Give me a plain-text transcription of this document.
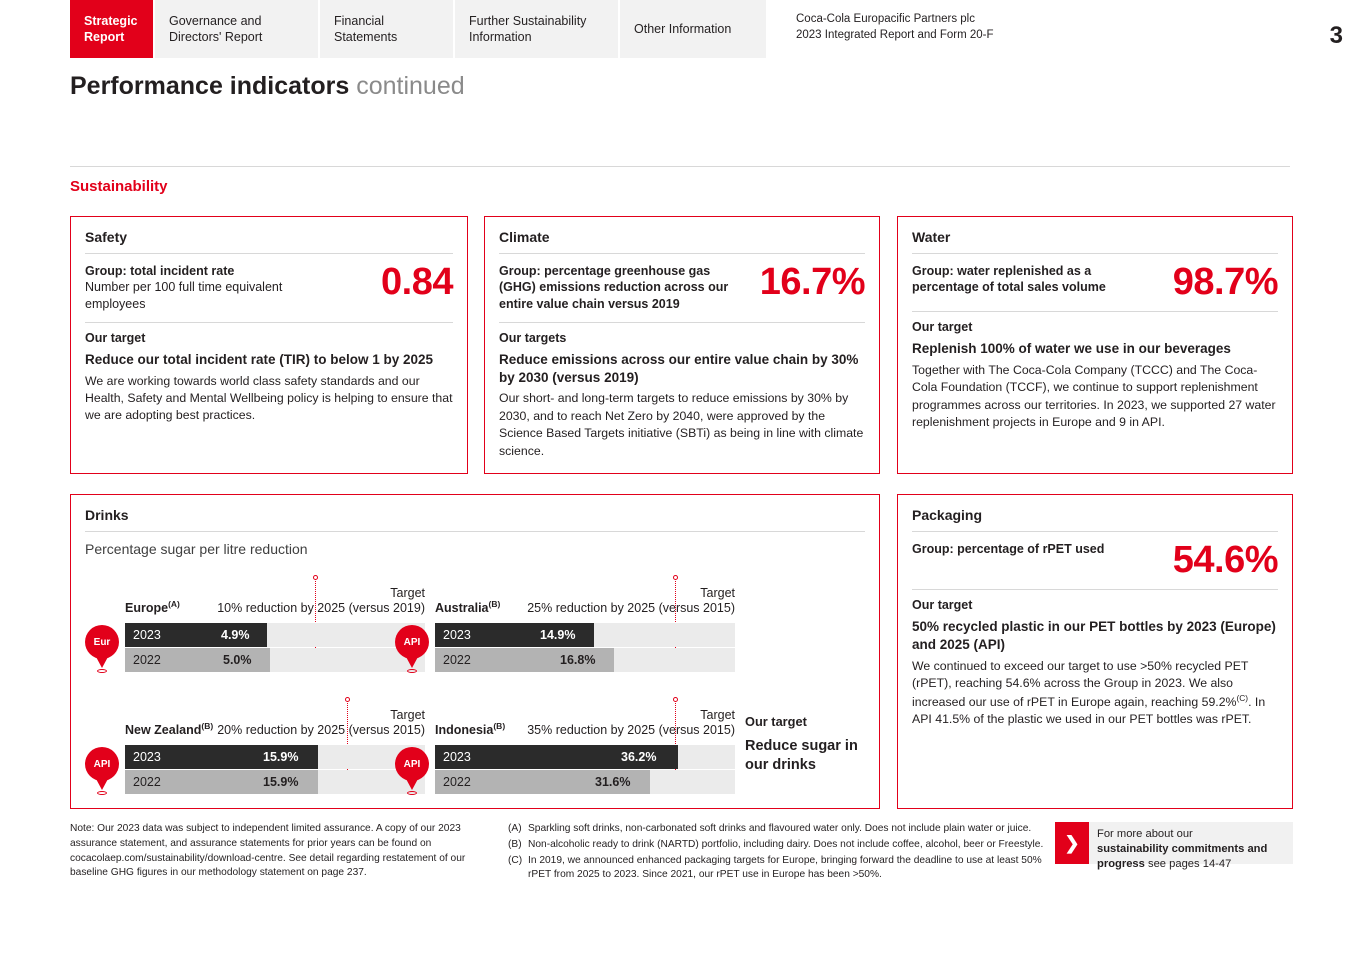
Strategic Report
Governance and Directors' Report
Financial Statements
Further Sustainability Information
Other Information
Coca-Cola Europacific Partners plc
2023 Integrated Report and Form 20-F	3
Performance indicators continued
Sustainability
Safety
Group: total incident rate
Number per 100 full time equivalent employees
0.84
Our target
Reduce our total incident rate (TIR) to below 1 by 2025
We are working towards world class safety standards and our Health, Safety and Mental Wellbeing policy is helping to ensure that we are adopting best practices.
Climate
Group: percentage greenhouse gas (GHG) emissions reduction across our entire value chain versus 2019
16.7%
Our targets
Reduce emissions across our entire value chain by 30% by 2030 (versus 2019)
Our short- and long-term targets to reduce emissions by 30% by 2030, and to reach Net Zero by 2040, were approved by the Science Based Targets initiative (SBTi) as being in line with climate science.
Water
Group: water replenished as a percentage of total sales volume	98.7%
Our target
Replenish 100% of water we use in our beverages
Together with The Coca-Cola Company (TCCC) and The Coca-Cola Foundation (TCCF), we continue to support replenishment programmes across our territories. In 2023, we supported 27 water replenishment projects in Europe and 9 in API.
Drinks
Percentage sugar per litre reduction
Europe$^{(A)}$
Target
10% reduction by 2025 (versus 2019)
Eur	2023	4.9%
2022	5.0%
Australia$^{(B)}$
Target
25% reduction by 2025 (versus 2015)
API	2023	14.9%
2022	16.8%
New Zealand$^{(B)}$
Target
20% reduction by 2025 (versus 2015)
API	2023	15.9%
2022	15.9%
Indonesia$^{(B)}$
Target
35% reduction by 2025 (versus 2015)
API	2023	36.2%
2022	31.6%
Our target
Reduce sugar in our drinks
Packaging
Group: percentage of rPET used 54.6%
Our target
50% recycled plastic in our PET bottles by 2023 (Europe) and 2025 (API)
We continued to exceed our target to use >50% recycled PET (rPET), reaching 54.6% across the Group in 2023. We also increased our use of rPET in Europe again, reaching 59.2%$^{(C)}$. In API 41.5% of the plastic we used in our PET bottles was rPET.
Note: Our 2023 data was subject to independent limited assurance. A copy of our 2023 assurance statement, and assurance statements for prior years can be found on cocacolaep.com/sustainability/download-centre. See detail regarding restatement of our baseline GHG figures in our methodology statement on page 237.
(A) Sparkling soft drinks, non-carbonated soft drinks and flavoured water only. Does not include plain water or juice.
(B) Non-alcoholic ready to drink (NARTD) portfolio, including dairy. Does not include coffee, alcohol, beer or Freestyle.
(C) In 2019, we announced enhanced packaging targets for Europe, bringing forward the deadline to use at least 50% rPET from 2025 to 2023. Since 2021, our rPET use in Europe has been >50%.
❯	For more about our
sustainability commitments and
progress see pages 14-47
